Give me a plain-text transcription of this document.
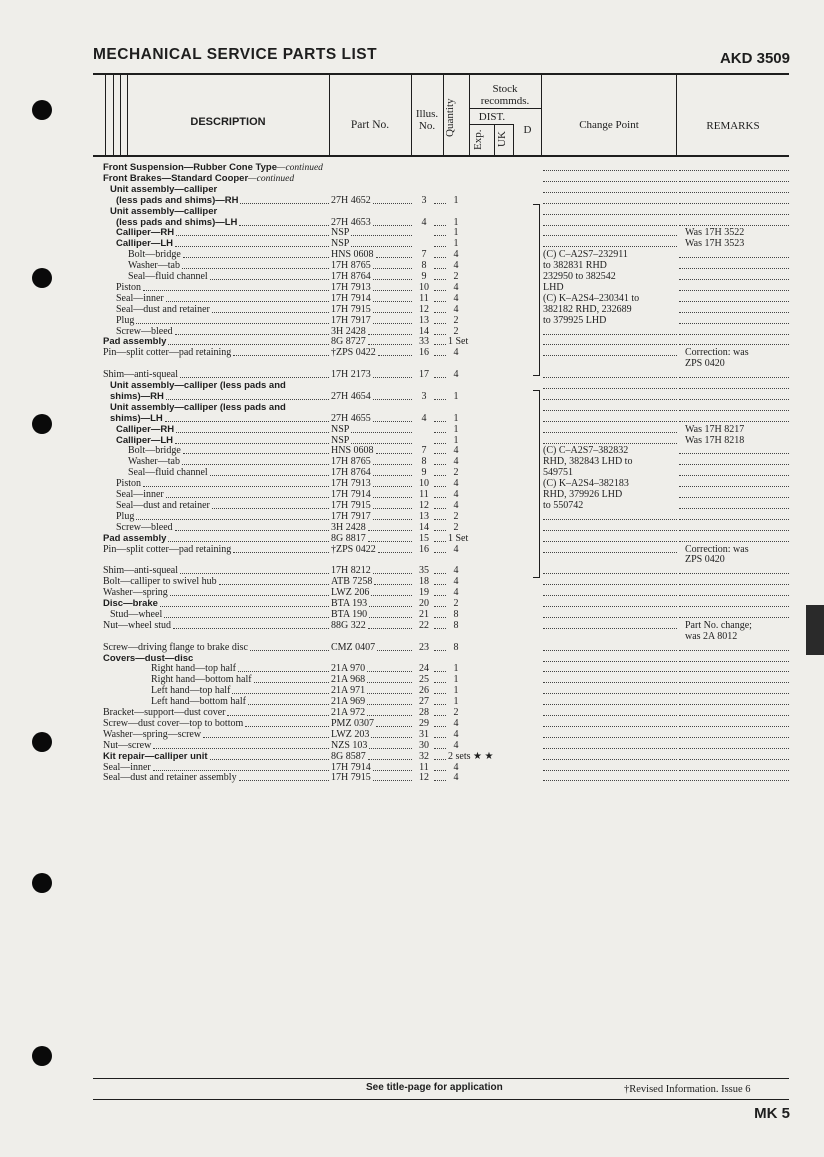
MECHANICAL SERVICE PARTS LIST	AKD 3509
DESCRIPTION	Part No.
Illus. No. Quantity
Stock recommds.
DIST.
Exp.	UK
D	Change Point	REMARKS
Front Suspension—Rubber Cone Type—continued
Front Brakes—Standard Cooper—continued
Unit assembly—calliper
(less pads and shims)—RH	27H 4652	3	1
Unit assembly—calliper
(less pads and shims)—LH	27H 4653	4	1
Calliper—RH	NSP	1	Was 17H 3522
Calliper—LH	NSP	1	Was 17H 3523
Bolt—bridge	HNS 0608	7	4	(C) C–A2S7–232911
Washer—tab	17H 8765	8	4	to 382831 RHD
Seal—fluid channel	17H 8764	9	2	232950 to 382542
Piston	17H 7913	10	4	LHD
Seal—inner	17H 7914	11	4	(C) K–A2S4–230341 to
Seal—dust and retainer	17H 7915	12	4	382182 RHD, 232689
Plug	17H 7917	13	2	to 379925 LHD
Screw—bleed	3H 2428	14	2
Pad assembly	8G 8727	33	1 Set
Pin—split cotter—pad retaining	†ZPS 0422	16	4	Correction: was
ZPS 0420
Shim—anti-squeal	17H 2173	17	4
Unit assembly—calliper (less pads and
shims)—RH	27H 4654	3	1
Unit assembly—calliper (less pads and
shims)—LH	27H 4655	4	1
Calliper—RH	NSP	1	Was 17H 8217
Calliper—LH	NSP	1	Was 17H 8218
Bolt—bridge	HNS 0608	7	4	(C) C–A2S7–382832
Washer—tab	17H 8765	8	4	RHD, 382843 LHD to
Seal—fluid channel	17H 8764	9	2	549751
Piston	17H 7913	10	4	(C) K–A2S4–382183
Seal—inner	17H 7914	11	4	RHD, 379926 LHD
Seal—dust and retainer	17H 7915	12	4	to 550742
Plug	17H 7917	13	2
Screw—bleed	3H 2428	14	2
Pad assembly	8G 8817	15	1 Set
Pin—split cotter—pad retaining	†ZPS 0422	16	4	Correction: was
ZPS 0420
Shim—anti-squeal	17H 8212	35	4
Bolt—calliper to swivel hub	ATB 7258	18	4
Washer—spring	LWZ 206	19	4
Disc—brake	BTA 193	20	2
Stud—wheel	BTA 190	21	8
Nut—wheel stud	88G 322	22	8	Part No. change;
was 2A 8012
Screw—driving flange to brake disc	CMZ 0407	23	8
Covers—dust—disc
Right hand—top half	21A 970	24	1
Right hand—bottom half	21A 968	25	1
Left hand—top half	21A 971	26	1
Left hand—bottom half	21A 969	27	1
Bracket—support—dust cover	21A 972	28	2
Screw—dust cover—top to bottom	PMZ 0307	29	4
Washer—spring—screw	LWZ 203	31	4
Nut—screw	NZS 103	30	4
Kit repair—calliper unit	8G 8587	32	2 sets ★ ★
Seal—inner	17H 7914	11	4
Seal—dust and retainer assembly	17H 7915	12	4
See title-page for application	†Revised Information. Issue 6
MK 5
